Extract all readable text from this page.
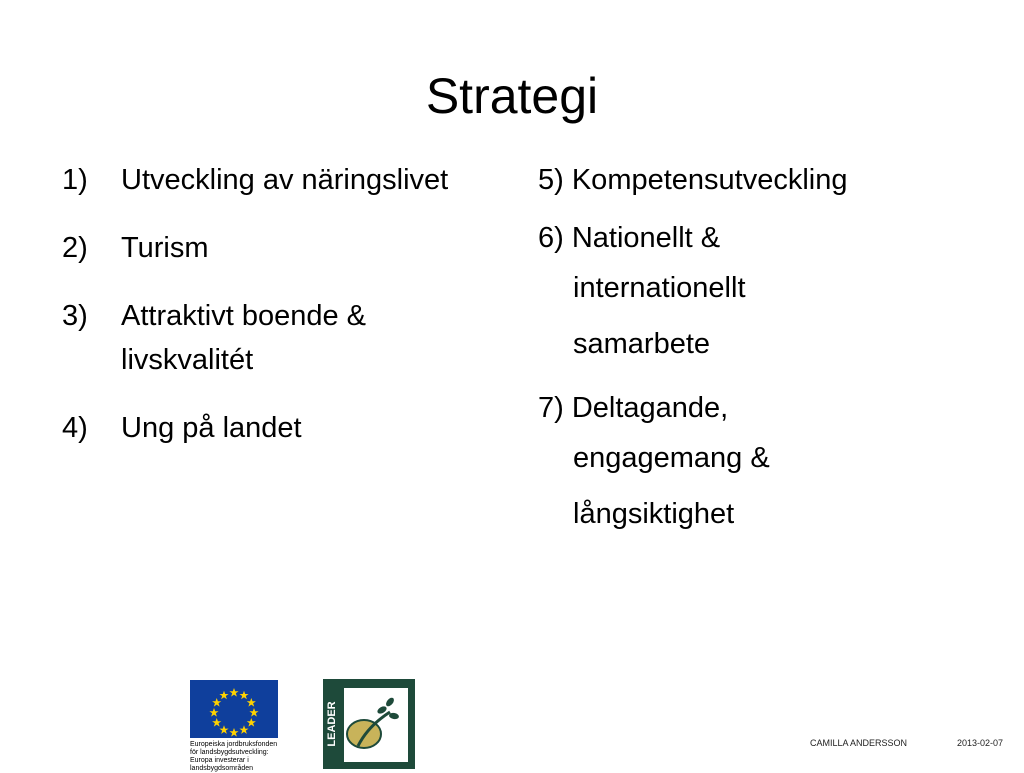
Strategi
1) Utveckling av näringslivet
2) Turism
3) Attraktivt boende & livskvalitét
4) Ung på landet
5) Kompetensutveckling
6) Nationellt &
internationellt
samarbete
7) Deltagande,
engagemang &
långsiktighet
Europeiska jordbruksfonden för landsbygdsutveckling: Europa investerar i landsbygdsområden
LEADER	CAMILLA ANDERSSON	2013-02-07
